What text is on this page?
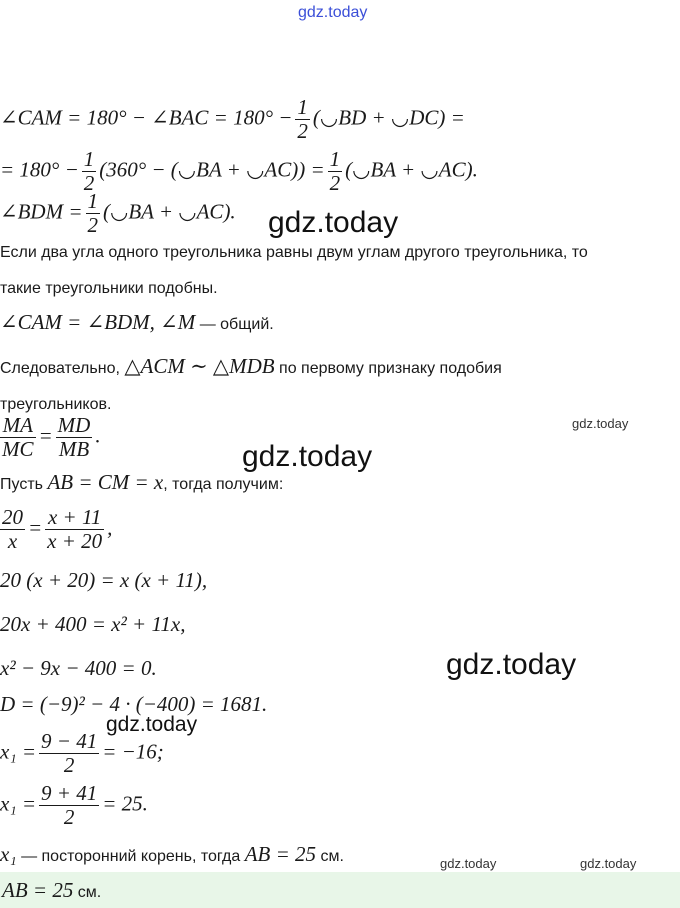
gdz.today
∠CAM = 180° − ∠BAC = $180^\circ - \frac{1}{2}$ (◡BD + ◡DC) =
= $180^\circ - \frac{1}{2} (360^\circ$ − (◡BA + ◡AC)) = $\frac{1}{2}$ (◡BA + ◡AC).
∠BDM = $\frac{1}{2}$ (◡BA + ◡AC). gdz.today
Если два угла одного треугольника равны двум углам другого треугольника, то
такие треугольники подобны.
∠CAM = ∠BDM, ∠M — общий.
Следовательно, △ACM ∼ △MDB по первому признаку подобия
треугольников.
gdz.today
$\frac{MA}{MC} = \frac{MD}{MB}$ .
gdz.today
Пусть AB = CM = x, тогда получим:
$\frac{20}{x} = \frac{x + 11}{x + 20}$ ,
20 (x + 20) = x (x + 11),
20x + 400 = x² + 11x,
x² − 9x − 400 = 0.	gdz.today
D = (−9)² − 4 · (−400) = 1681.
gdz.today
$x_1 = \frac{9 - 41}{2} = -16$;
$x_1 = \frac{9 + 41}{2} = 25$.
x₁ — посторонний корень, тогда AB = 25 см.	gdz.today	gdz.today
AB = 25 см.
